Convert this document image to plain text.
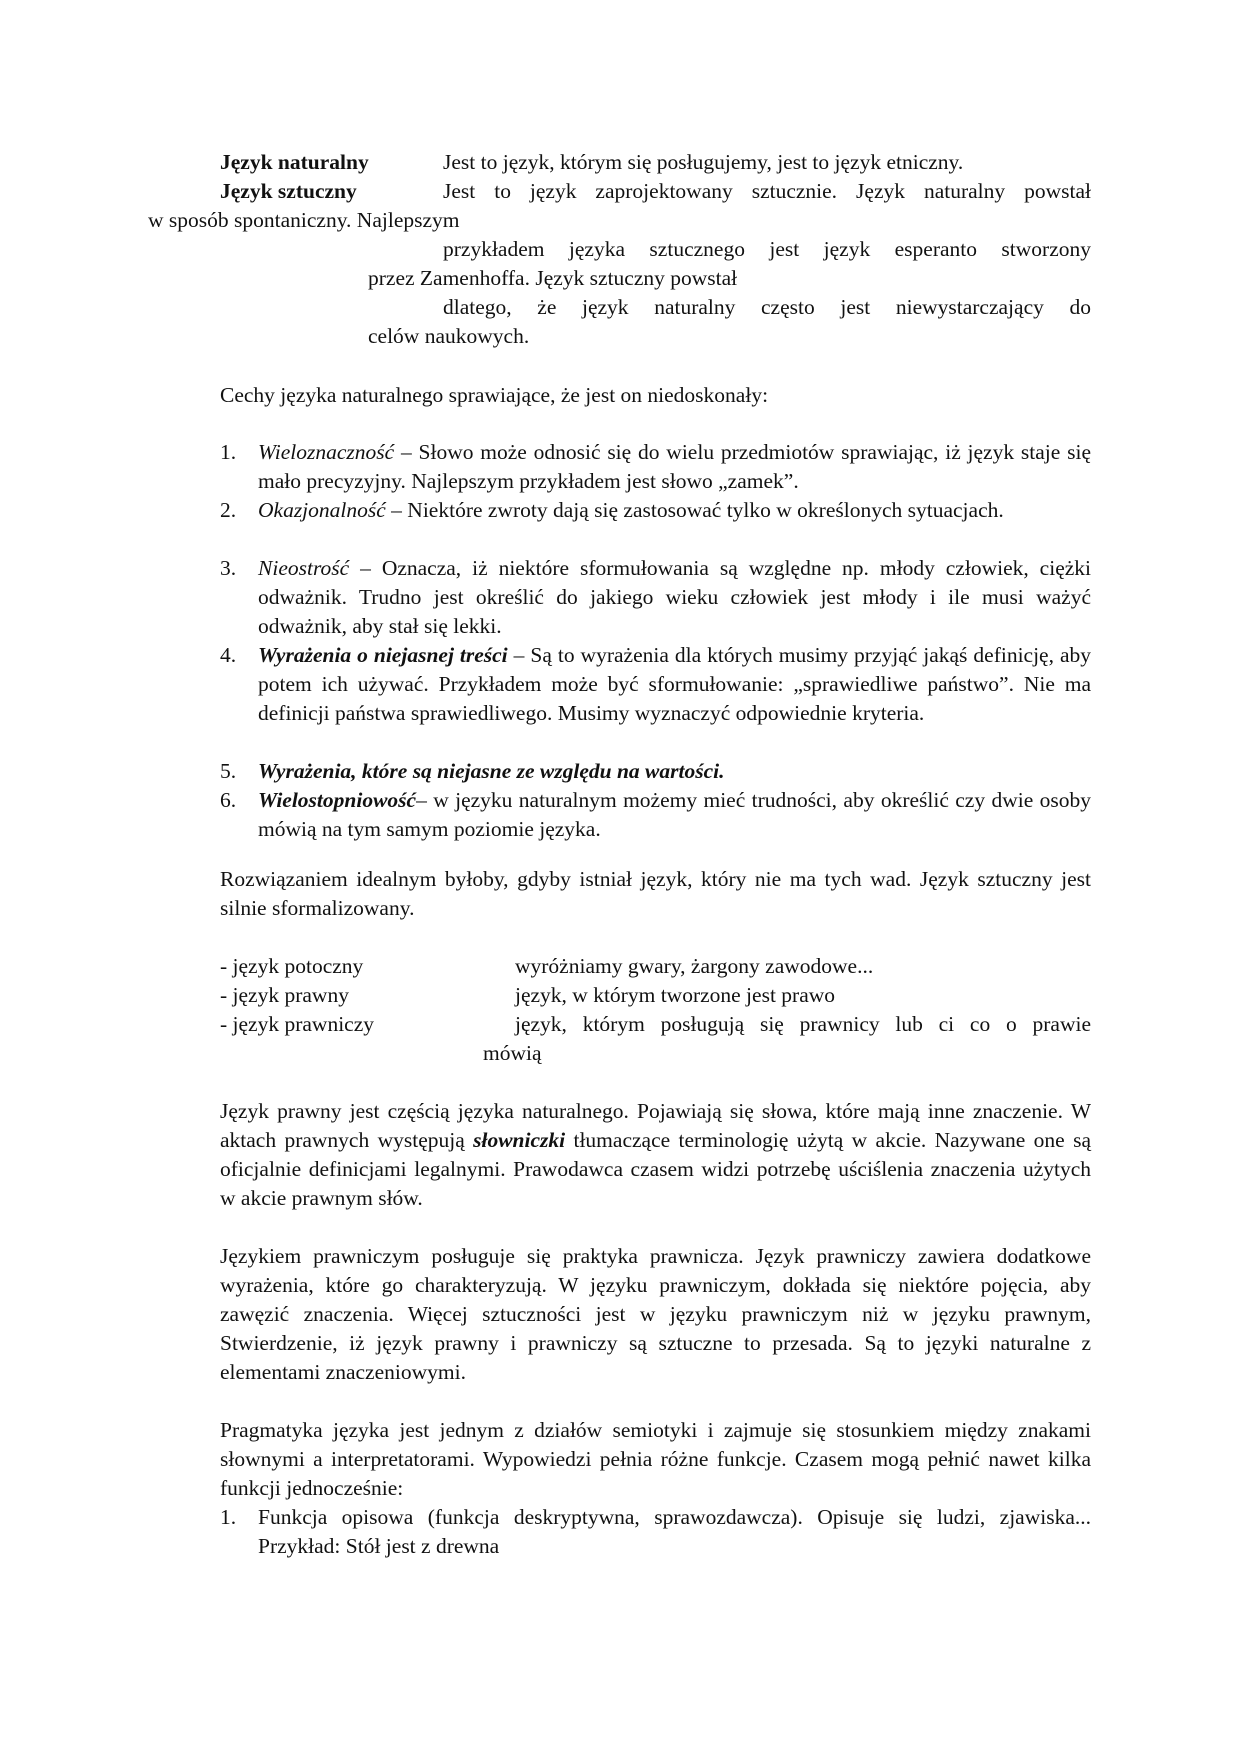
Język naturalny	Jest to język, którym się posługujemy, jest to język etniczny.
Język sztuczny	Jest to język zaprojektowany sztucznie. Język naturalny powstał
w sposób spontaniczny. Najlepszym
przykładem języka sztucznego jest język esperanto stworzony
przez Zamenhoffa. Język sztuczny powstał
dlatego, że język naturalny często jest niewystarczający do
celów naukowych.
Cechy języka naturalnego sprawiające, że jest on niedoskonały:
1. Wieloznaczność – Słowo może odnosić się do wielu przedmiotów sprawiając, iż język staje się mało precyzyjny. Najlepszym przykładem jest słowo „zamek”.
2. Okazjonalność – Niektóre zwroty dają się zastosować tylko w określonych sytuacjach.
3. Nieostrość – Oznacza, iż niektóre sformułowania są względne np. młody człowiek, ciężki odważnik. Trudno jest określić do jakiego wieku człowiek jest młody i ile musi ważyć odważnik, aby stał się lekki.
4. Wyrażenia o niejasnej treści – Są to wyrażenia dla których musimy przyjąć jakąś definicję, aby potem ich używać. Przykładem może być sformułowanie: „sprawiedliwe państwo”. Nie ma definicji państwa sprawiedliwego. Musimy wyznaczyć odpowiednie kryteria.
5. Wyrażenia, które są niejasne ze względu na wartości.
6. Wielostopniowość– w języku naturalnym możemy mieć trudności, aby określić czy dwie osoby mówią na tym samym poziomie języka.
Rozwiązaniem idealnym byłoby, gdyby istniał język, który nie ma tych wad. Język sztuczny jest silnie sformalizowany.
- język potoczny	wyróżniamy gwary, żargony zawodowe...
- język prawny	język, w którym tworzone jest prawo
- język prawniczy	język, którym posługują się prawnicy lub ci co o prawie
mówią
Język prawny jest częścią języka naturalnego. Pojawiają się słowa, które mają inne znaczenie. W aktach prawnych występują słowniczki tłumaczące terminologię użytą w akcie. Nazywane one są oficjalnie definicjami legalnymi. Prawodawca czasem widzi potrzebę uściślenia znaczenia użytych w akcie prawnym słów.
Językiem prawniczym posługuje się praktyka prawnicza. Język prawniczy zawiera dodatkowe wyrażenia, które go charakteryzują. W języku prawniczym, dokłada się niektóre pojęcia, aby zawęzić znaczenia. Więcej sztuczności jest w języku prawniczym niż w języku prawnym, Stwierdzenie, iż język prawny i prawniczy są sztuczne to przesada. Są to języki naturalne z elementami znaczeniowymi.
Pragmatyka języka jest jednym z działów semiotyki i zajmuje się stosunkiem między znakami słownymi a interpretatorami. Wypowiedzi pełnia różne funkcje. Czasem mogą pełnić nawet kilka funkcji jednocześnie:
1. Funkcja opisowa (funkcja deskryptywna, sprawozdawcza). Opisuje się ludzi, zjawiska... Przykład: Stół jest z drewna
